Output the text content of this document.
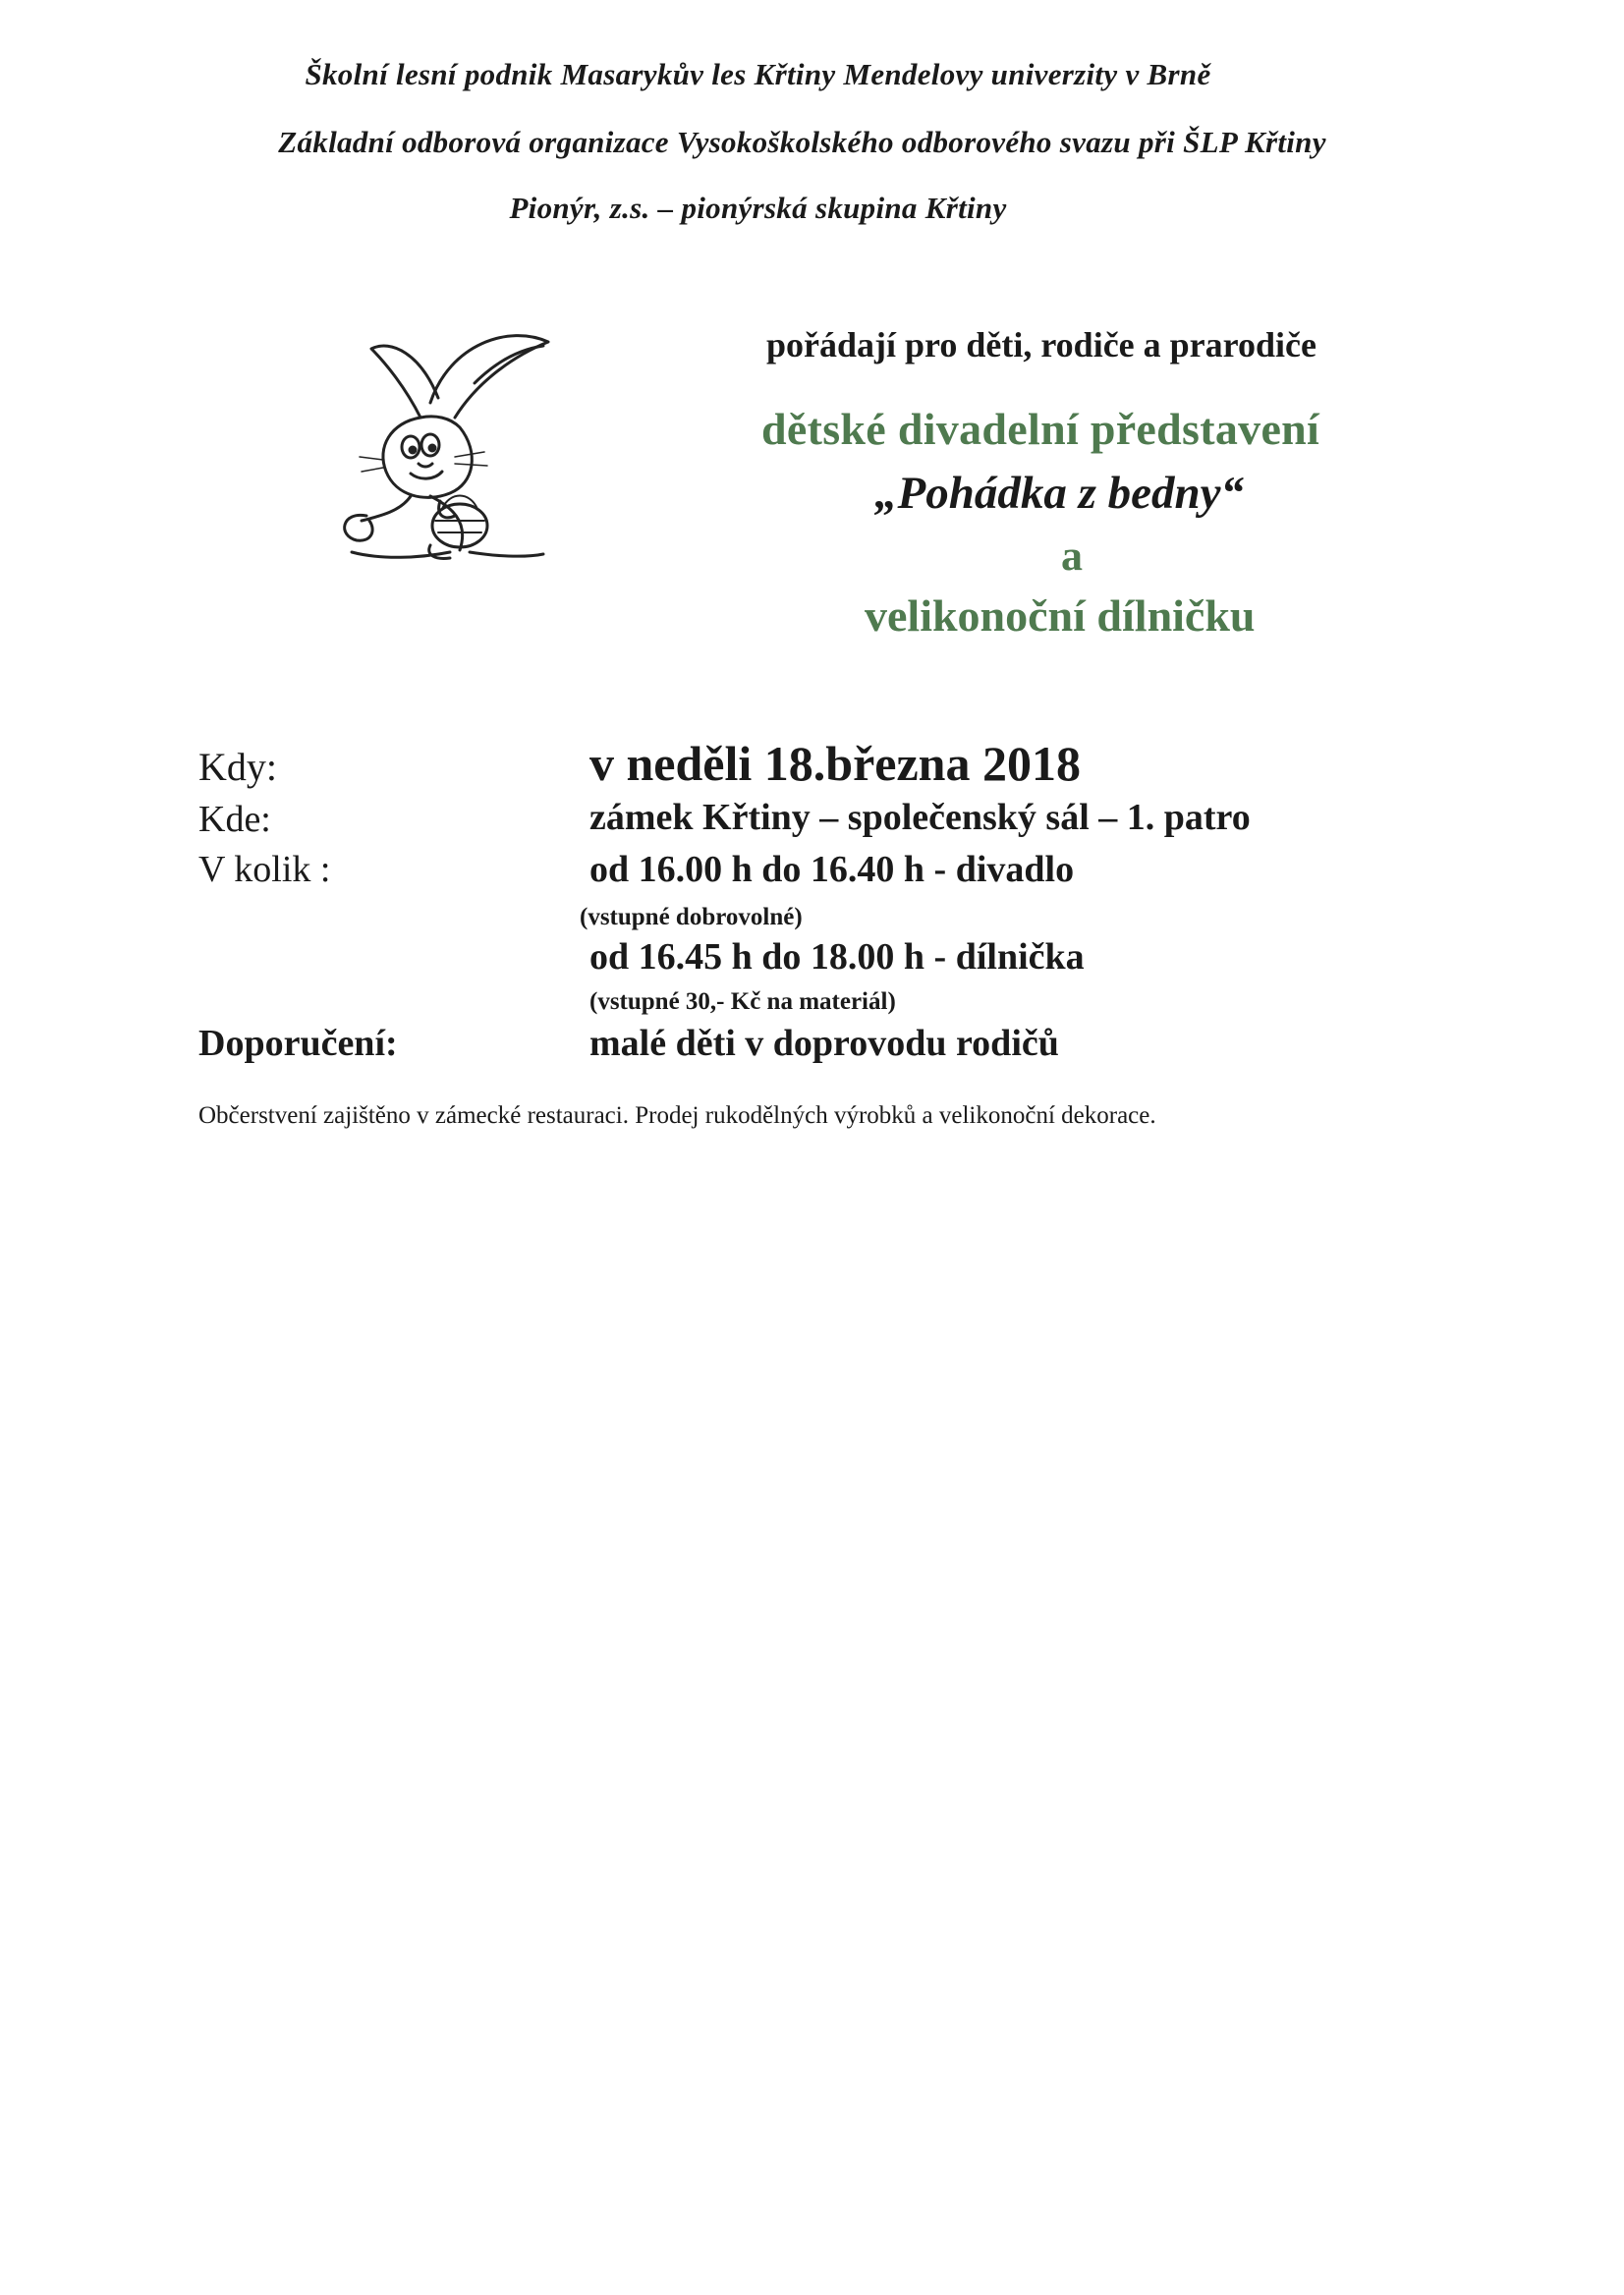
Školní lesní podnik Masarykův les Křtiny Mendelovy univerzity v Brně
Základní odborová organizace Vysokoškolského odborového svazu při ŠLP Křtiny
Pionýr, z.s. – pionýrská skupina Křtiny
pořádají pro děti, rodiče a prarodiče
dětské divadelní představení
„Pohádka z bedny“
a
velikonoční dílničku
Kdy:	v neděli 18.března 2018
Kde:	zámek Křtiny – společenský sál – 1. patro
V kolik :	od 16.00 h do 16.40 h - divadlo
(vstupné dobrovolné)
od 16.45 h do 18.00 h - dílnička
(vstupné 30,- Kč na materiál)
Doporučení:	malé děti v doprovodu rodičů
Občerstvení zajištěno v zámecké restauraci. Prodej rukodělných výrobků a velikonoční dekorace.
